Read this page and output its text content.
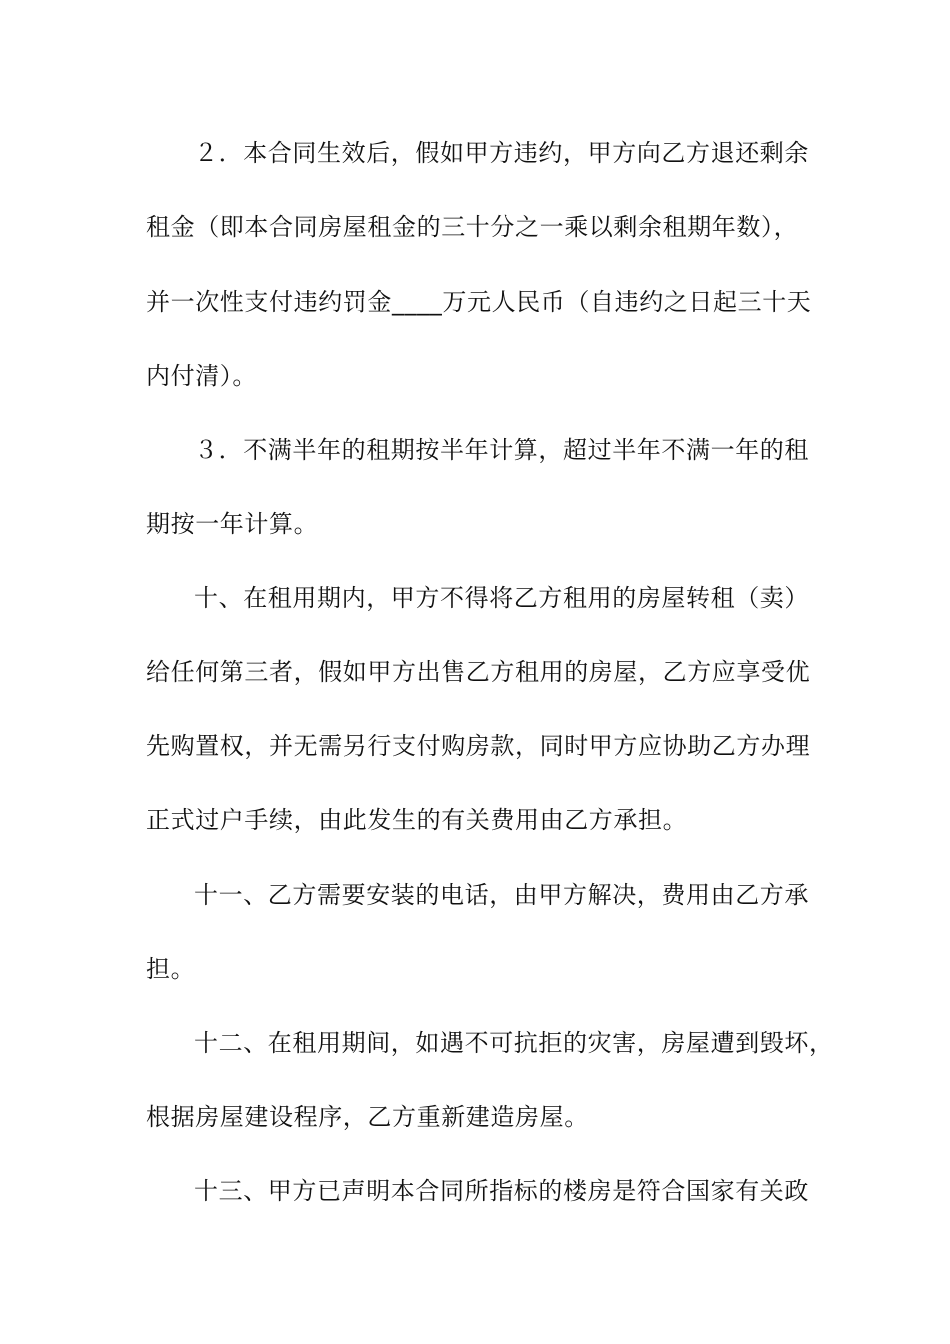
２．本合同生效后，假如甲方违约，甲方向乙方退还剩余
租金（即本合同房屋租金的三十分之一乘以剩余租期年数），
并一次性支付违约罚金____万元人民币（自违约之日起三十天
内付清）。
３．不满半年的租期按半年计算，超过半年不满一年的租
期按一年计算。
十、在租用期内，甲方不得将乙方租用的房屋转租（卖）
给任何第三者，假如甲方出售乙方租用的房屋，乙方应享受优
先购置权，并无需另行支付购房款，同时甲方应协助乙方办理
正式过户手续，由此发生的有关费用由乙方承担。
十一、乙方需要安装的电话，由甲方解决，费用由乙方承
担。
十二、在租用期间，如遇不可抗拒的灾害，房屋遭到毁坏，
根据房屋建设程序，乙方重新建造房屋。
十三、甲方已声明本合同所指标的楼房是符合国家有关政
